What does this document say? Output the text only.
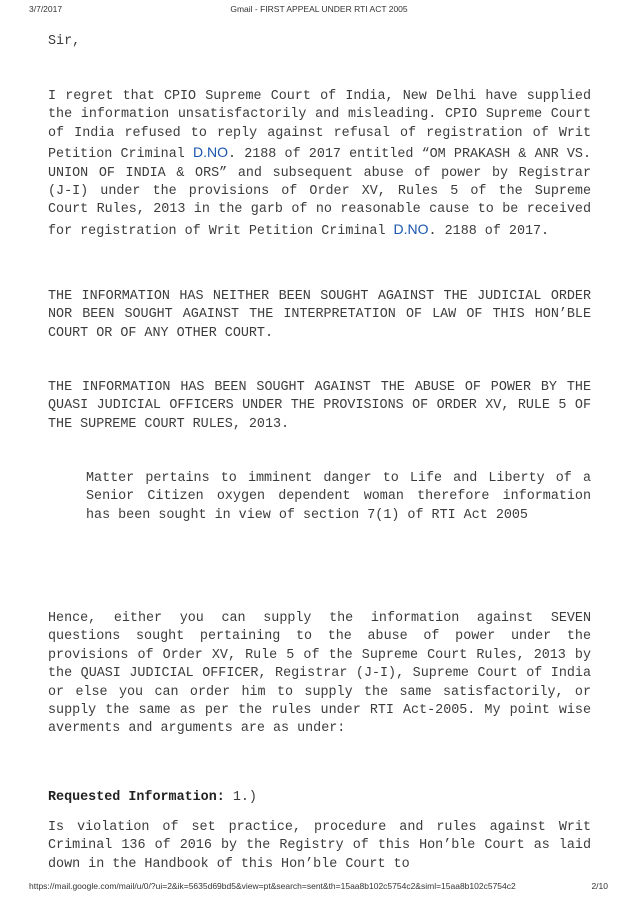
3/7/2017	Gmail - FIRST APPEAL UNDER RTI ACT 2005
Sir,
I regret that CPIO Supreme Court of India, New Delhi have supplied the information unsatisfactorily and misleading. CPIO Supreme Court of India refused to reply against refusal of registration of Writ Petition Criminal D.NO. 2188 of 2017 entitled “OM PRAKASH & ANR VS. UNION OF INDIA & ORS” and subsequent abuse of power by Registrar (J-I) under the provisions of Order XV, Rules 5 of the Supreme Court Rules, 2013 in the garb of no reasonable cause to be received for registration of Writ Petition Criminal D.NO. 2188 of 2017.
THE INFORMATION HAS NEITHER BEEN SOUGHT AGAINST THE JUDICIAL ORDER NOR BEEN SOUGHT AGAINST THE INTERPRETATION OF LAW OF THIS HON’BLE COURT OR OF ANY OTHER COURT.
THE INFORMATION HAS BEEN SOUGHT AGAINST THE ABUSE OF POWER BY THE QUASI JUDICIAL OFFICERS UNDER THE PROVISIONS OF ORDER XV, RULE 5 OF THE SUPREME COURT RULES, 2013.
Matter pertains to imminent danger to Life and Liberty of a Senior Citizen oxygen dependent woman therefore information has been sought in view of section 7(1) of RTI Act 2005
Hence, either you can supply the information against SEVEN questions sought pertaining to the abuse of power under the provisions of Order XV, Rule 5 of the Supreme Court Rules, 2013 by the QUASI JUDICIAL OFFICER, Registrar (J-I), Supreme Court of India or else you can order him to supply the same satisfactorily, or supply the same as per the rules under RTI Act-2005. My point wise averments and arguments are as under:
Requested Information: 1.)
Is violation of set practice, procedure and rules against Writ Criminal 136 of 2016 by the Registry of this Hon’ble Court as laid down in the Handbook of this Hon’ble Court to
https://mail.google.com/mail/u/0/?ui=2&ik=5635d69bd5&view=pt&search=sent&th=15aa8b102c5754c2&siml=15aa8b102c5754c2	2/10
